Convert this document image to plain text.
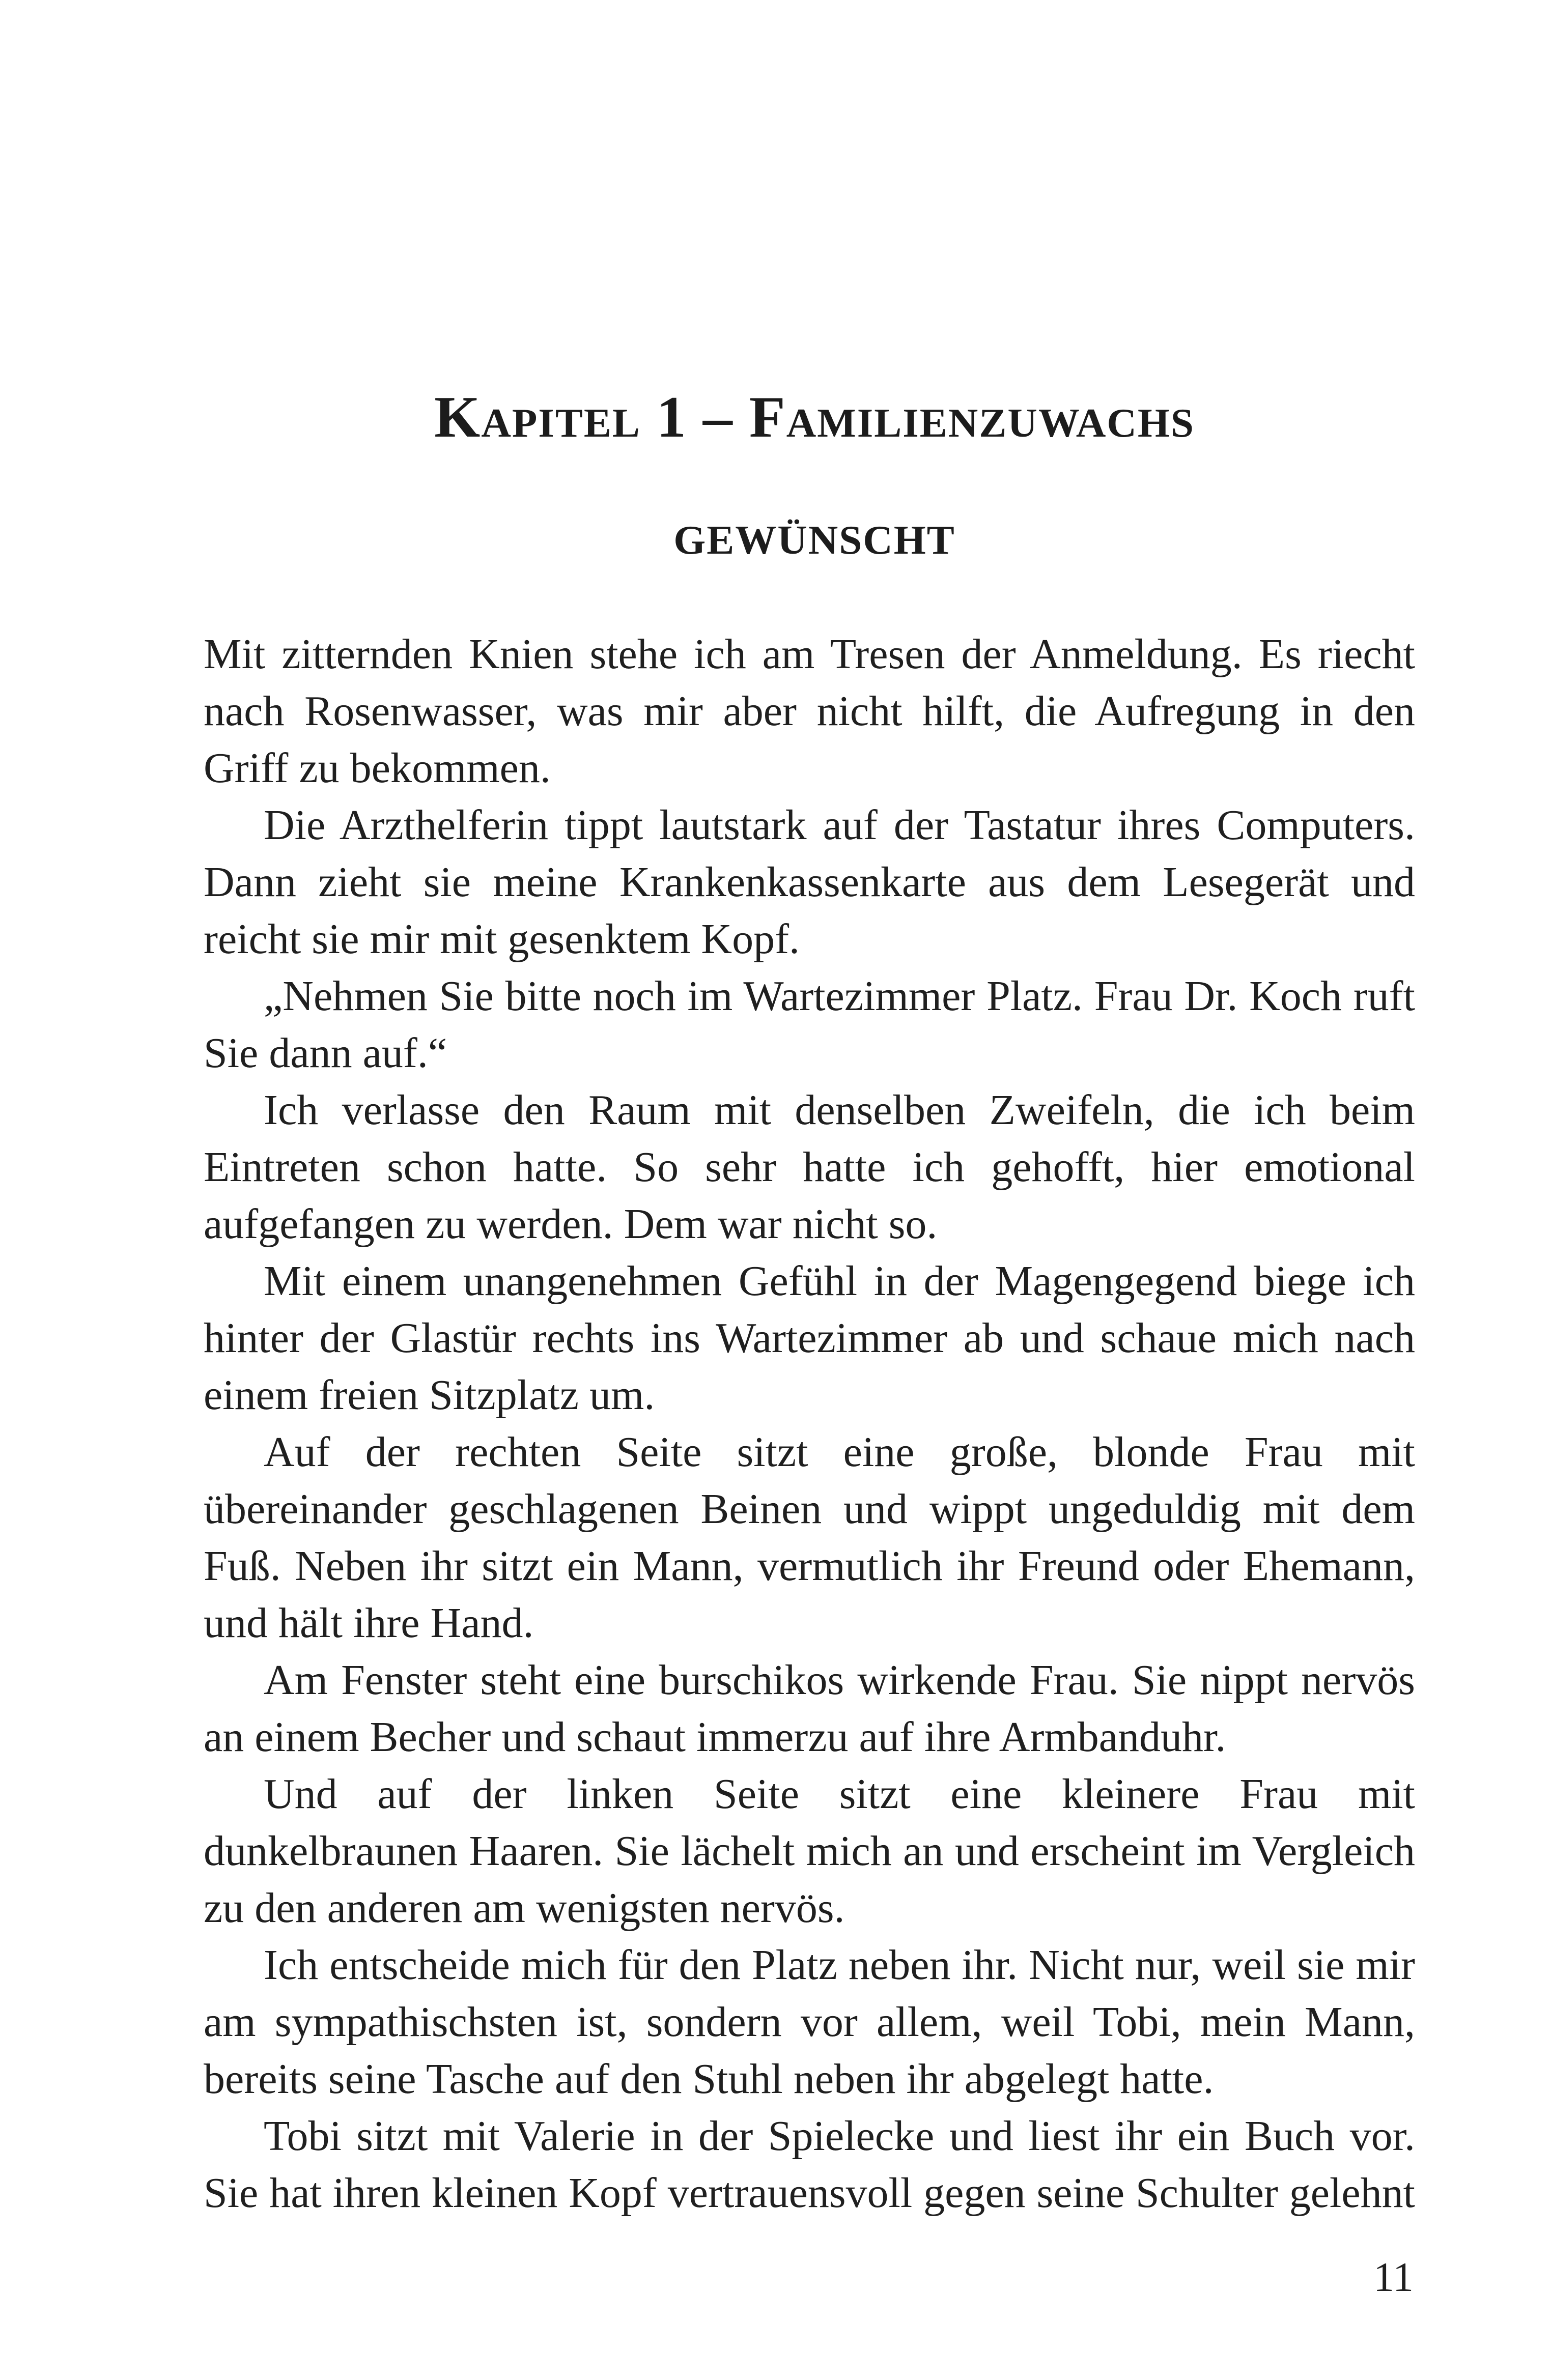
Kapitel 1 – Familienzuwachs
gewünscht

Mit zitternden Knien stehe ich am Tresen der Anmeldung. Es riecht nach Rosenwasser, was mir aber nicht hilft, die Aufregung in den Griff zu bekommen.

Die Arzthelferin tippt lautstark auf der Tastatur ihres Computers. Dann zieht sie meine Krankenkassenkarte aus dem Lesegerät und reicht sie mir mit gesenktem Kopf.

„Nehmen Sie bitte noch im Wartezimmer Platz. Frau Dr. Koch ruft Sie dann auf.“

Ich verlasse den Raum mit denselben Zweifeln, die ich beim Eintreten schon hatte. So sehr hatte ich gehofft, hier emotional aufgefangen zu werden. Dem war nicht so.

Mit einem unangenehmen Gefühl in der Magengegend biege ich hinter der Glastür rechts ins Wartezimmer ab und schaue mich nach einem freien Sitzplatz um.

Auf der rechten Seite sitzt eine große, blonde Frau mit übereinander geschlagenen Beinen und wippt ungeduldig mit dem Fuß. Neben ihr sitzt ein Mann, vermutlich ihr Freund oder Ehemann, und hält ihre Hand.

Am Fenster steht eine burschikos wirkende Frau. Sie nippt nervös an einem Becher und schaut immerzu auf ihre Armbanduhr.

Und auf der linken Seite sitzt eine kleinere Frau mit dunkelbraunen Haaren. Sie lächelt mich an und erscheint im Vergleich zu den anderen am wenigsten nervös.

Ich entscheide mich für den Platz neben ihr. Nicht nur, weil sie mir am sympathischsten ist, sondern vor allem, weil Tobi, mein Mann, bereits seine Tasche auf den Stuhl neben ihr abgelegt hatte.

Tobi sitzt mit Valerie in der Spielecke und liest ihr ein Buch vor. Sie hat ihren kleinen Kopf vertrauensvoll gegen seine Schulter gelehnt

11
